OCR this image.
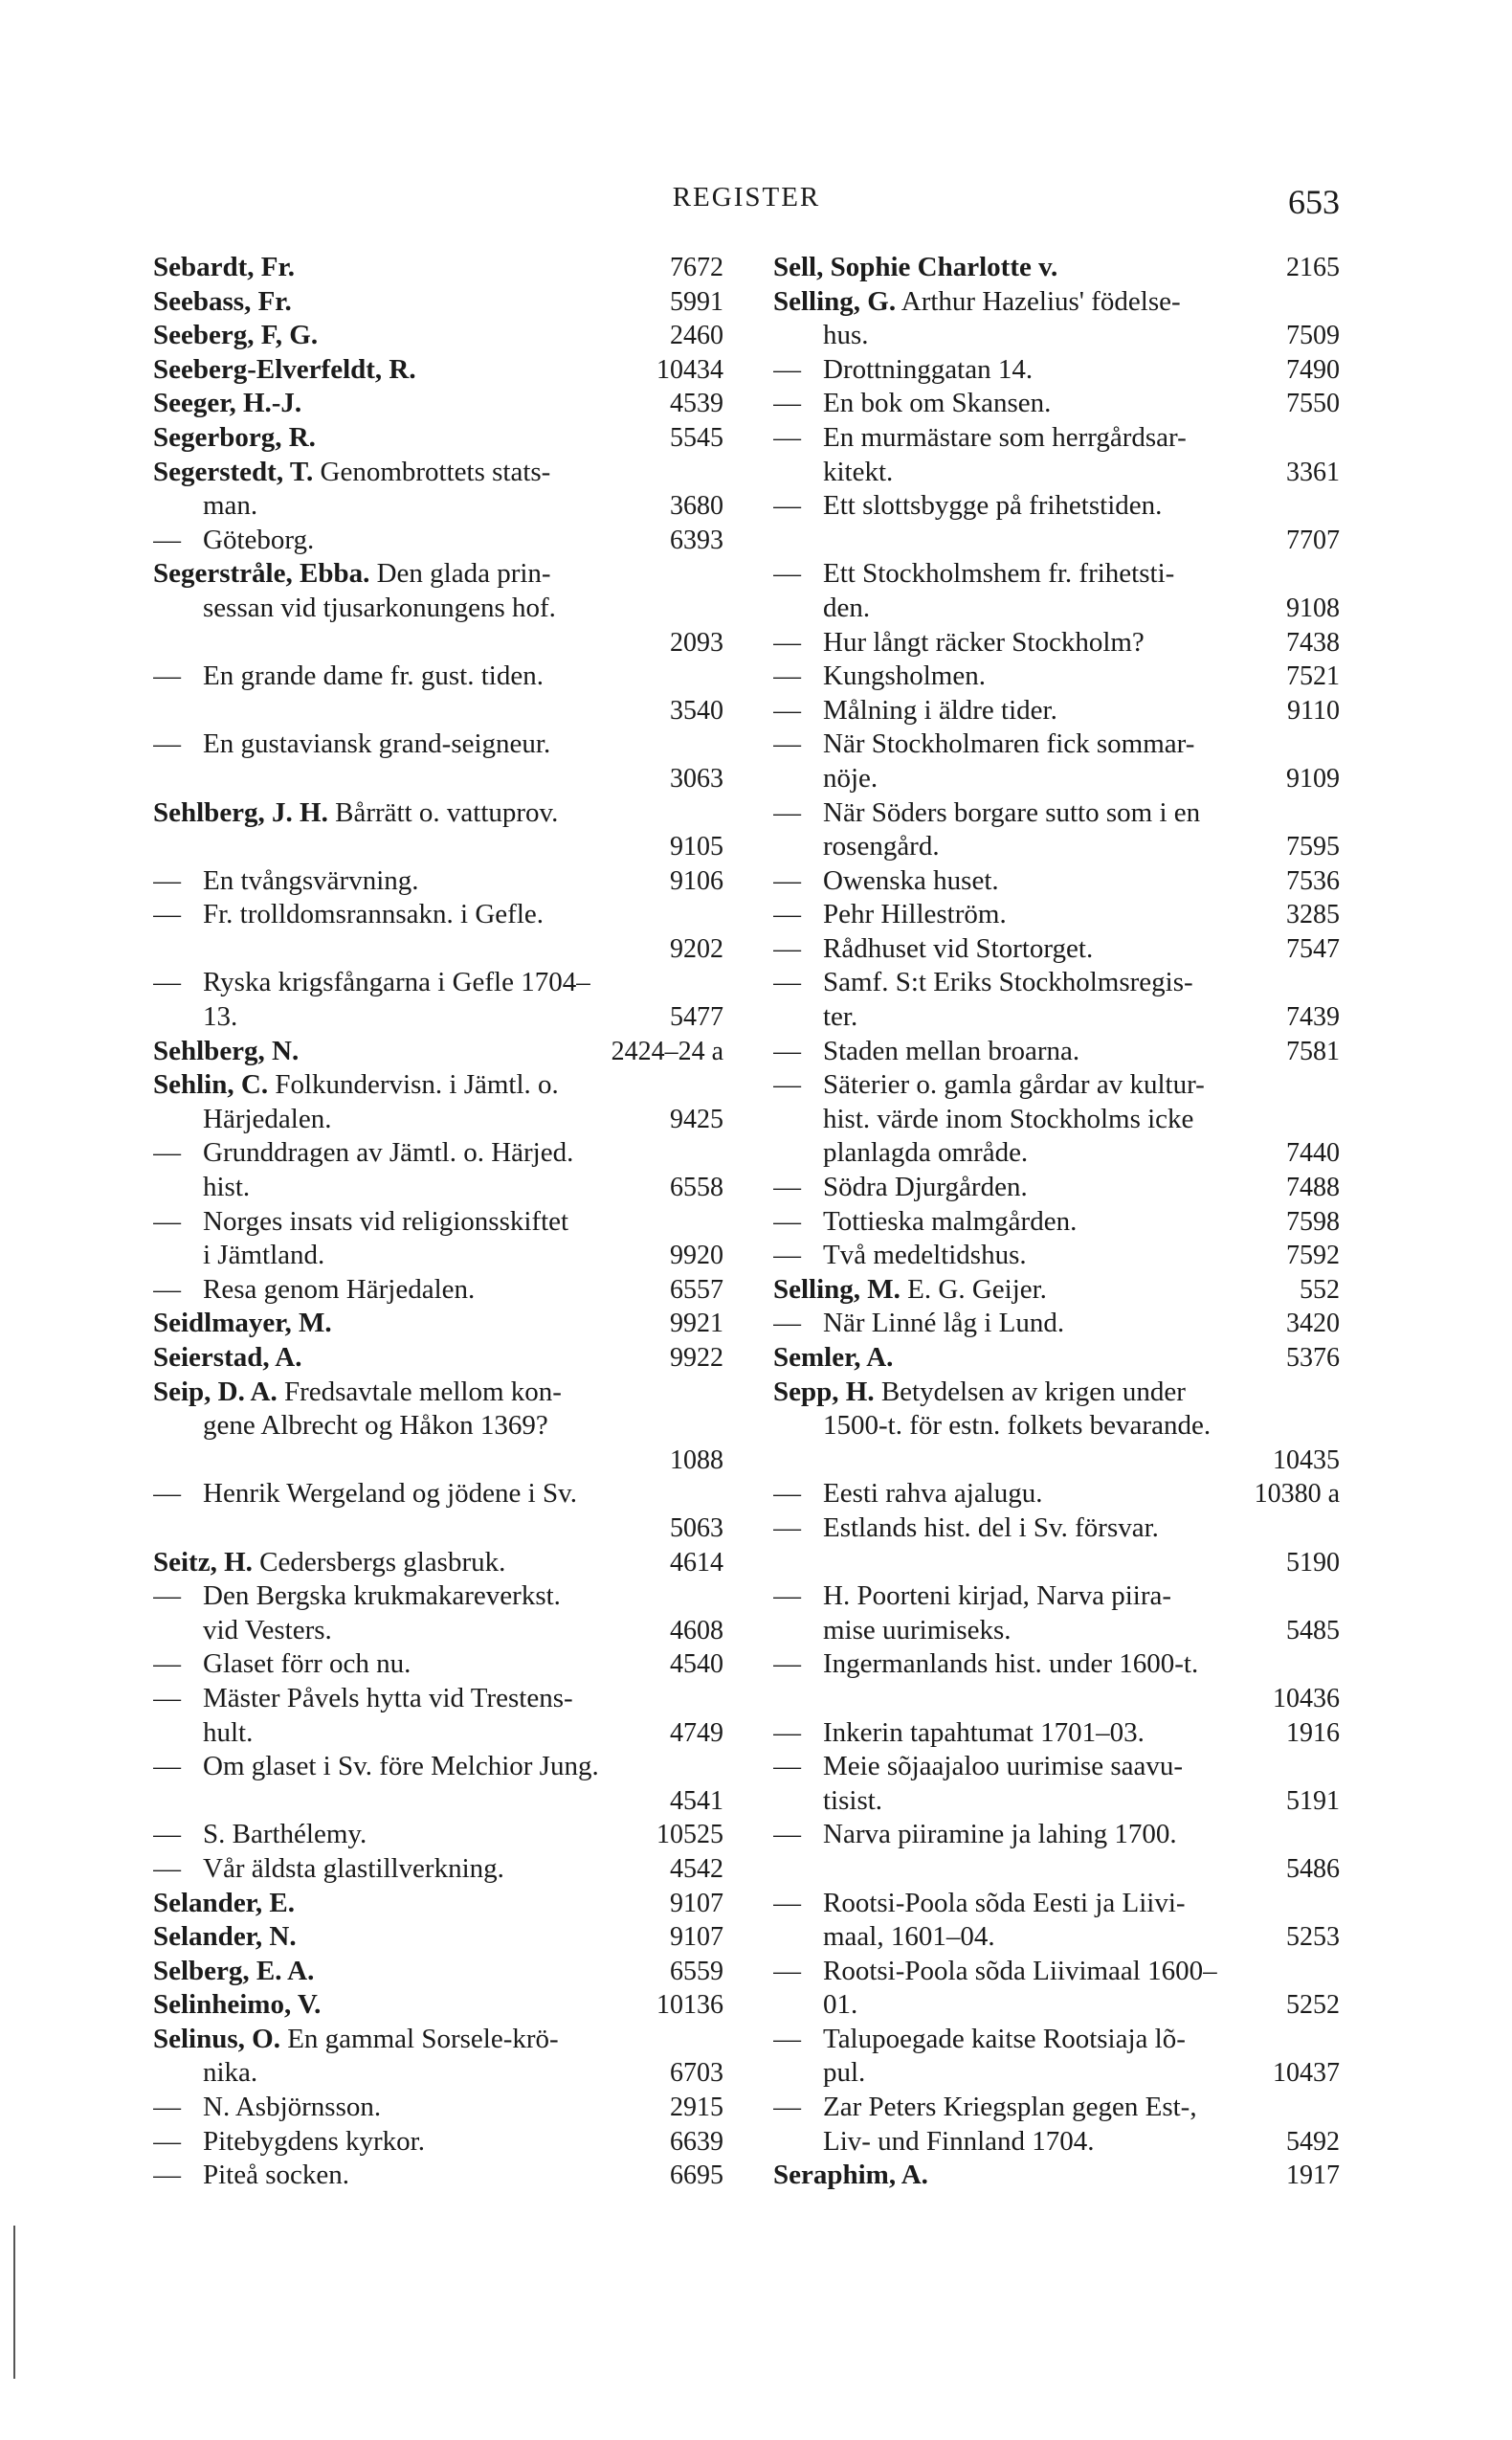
REGISTER	653
Sebardt, Fr.	7672
Seebass, Fr.	5991
Seeberg, F, G.	2460
Seeberg-Elverfeldt, R.	10434
Seeger, H.-J.	4539
Segerborg, R.	5545
Segerstedt, T. Genombrottets stats-
man.	3680
— Göteborg.	6393
Segerstråle, Ebba. Den glada prin-
sessan vid tjusarkonungens hof.
2093
— En grande dame fr. gust. tiden.
3540
— En gustaviansk grand-seigneur.
3063
Sehlberg, J. H. Bårrätt o. vattuprov.
9105
— En tvångsvärvning.	9106
— Fr. trolldomsrannsakn. i Gefle.
9202
— Ryska krigsfångarna i Gefle 1704–
13.	5477
Sehlberg, N.	2424–24 a
Sehlin, C. Folkundervisn. i Jämtl. o.
Härjedalen.	9425
— Grunddragen av Jämtl. o. Härjed.
hist.	6558
— Norges insats vid religionsskiftet
i Jämtland.	9920
— Resa genom Härjedalen.	6557
Seidlmayer, M.	9921
Seierstad, A.	9922
Seip, D. A. Fredsavtale mellom kon-
gene Albrecht og Håkon 1369?
1088
— Henrik Wergeland og jödene i Sv.
5063
Seitz, H. Cedersbergs glasbruk.	4614
— Den Bergska krukmakareverkst.
vid Vesters.	4608
— Glaset förr och nu.	4540
— Mäster Påvels hytta vid Trestens-
hult.	4749
— Om glaset i Sv. före Melchior Jung.
4541
— S. Barthélemy.	10525
— Vår äldsta glastillverkning.	4542
Selander, E.	9107
Selander, N.	9107
Selberg, E. A.	6559
Selinheimo, V.	10136
Selinus, O. En gammal Sorsele-krö-
nika.	6703
— N. Asbjörnsson.	2915
— Pitebygdens kyrkor.	6639
— Piteå socken.	6695
Sell, Sophie Charlotte v.	2165
Selling, G. Arthur Hazelius' födelse-
hus.	7509
— Drottninggatan 14.	7490
— En bok om Skansen.	7550
— En murmästare som herrgårdsar-
kitekt.	3361
— Ett slottsbygge på frihetstiden.
7707
— Ett Stockholmshem fr. frihetsti-
den.	9108
— Hur långt räcker Stockholm?	7438
— Kungsholmen.	7521
— Målning i äldre tider.	9110
— När Stockholmaren fick sommar-
nöje.	9109
— När Söders borgare sutto som i en
rosengård.	7595
— Owenska huset.	7536
— Pehr Hilleström.	3285
— Rådhuset vid Stortorget.	7547
— Samf. S:t Eriks Stockholmsregis-
ter.	7439
— Staden mellan broarna.	7581
— Säterier o. gamla gårdar av kultur-
hist. värde inom Stockholms icke
planlagda område.	7440
— Södra Djurgården.	7488
— Tottieska malmgården.	7598
— Två medeltidshus.	7592
Selling, M. E. G. Geijer.	552
— När Linné låg i Lund.	3420
Semler, A.	5376
Sepp, H. Betydelsen av krigen under
1500-t. för estn. folkets bevarande.
10435
— Eesti rahva ajalugu.	10380 a
— Estlands hist. del i Sv. försvar.
5190
— H. Poorteni kirjad, Narva piira-
mise uurimiseks.	5485
— Ingermanlands hist. under 1600-t.
10436
— Inkerin tapahtumat 1701–03.	1916
— Meie sõjaajaloo uurimise saavu-
tisist.	5191
— Narva piiramine ja lahing 1700.
5486
— Rootsi-Poola sõda Eesti ja Liivi-
maal, 1601–04.	5253
— Rootsi-Poola sõda Liivimaal 1600–
01.	5252
— Talupoegade kaitse Rootsiaja lõ-
pul.	10437
— Zar Peters Kriegsplan gegen Est-,
Liv- und Finnland 1704.	5492
Seraphim, A.	1917
